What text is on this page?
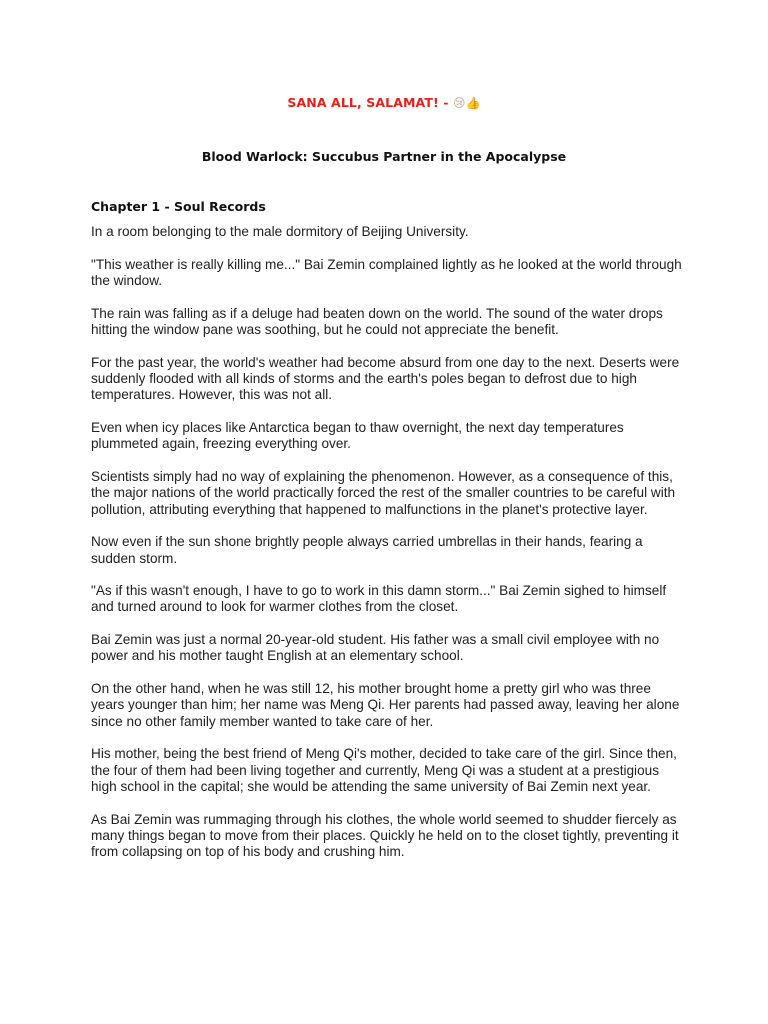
SANA ALL, SALAMAT! - 😢👍
Blood Warlock: Succubus Partner in the Apocalypse
Chapter 1 - Soul Records

In a room belonging to the male dormitory of Beijing University.

"This weather is really killing me..." Bai Zemin complained lightly as he looked at the world through the window.

The rain was falling as if a deluge had beaten down on the world. The sound of the water drops hitting the window pane was soothing, but he could not appreciate the benefit.

For the past year, the world's weather had become absurd from one day to the next. Deserts were suddenly flooded with all kinds of storms and the earth's poles began to defrost due to high temperatures. However, this was not all.

Even when icy places like Antarctica began to thaw overnight, the next day temperatures plummeted again, freezing everything over.

Scientists simply had no way of explaining the phenomenon. However, as a consequence of this, the major nations of the world practically forced the rest of the smaller countries to be careful with pollution, attributing everything that happened to malfunctions in the planet's protective layer.

Now even if the sun shone brightly people always carried umbrellas in their hands, fearing a sudden storm.

"As if this wasn't enough, I have to go to work in this damn storm..." Bai Zemin sighed to himself and turned around to look for warmer clothes from the closet.

Bai Zemin was just a normal 20-year-old student. His father was a small civil employee with no power and his mother taught English at an elementary school.

On the other hand, when he was still 12, his mother brought home a pretty girl who was three years younger than him; her name was Meng Qi. Her parents had passed away, leaving her alone since no other family member wanted to take care of her.

His mother, being the best friend of Meng Qi's mother, decided to take care of the girl. Since then, the four of them had been living together and currently, Meng Qi was a student at a prestigious high school in the capital; she would be attending the same university of Bai Zemin next year.

As Bai Zemin was rummaging through his clothes, the whole world seemed to shudder fiercely as many things began to move from their places. Quickly he held on to the closet tightly, preventing it from collapsing on top of his body and crushing him.
